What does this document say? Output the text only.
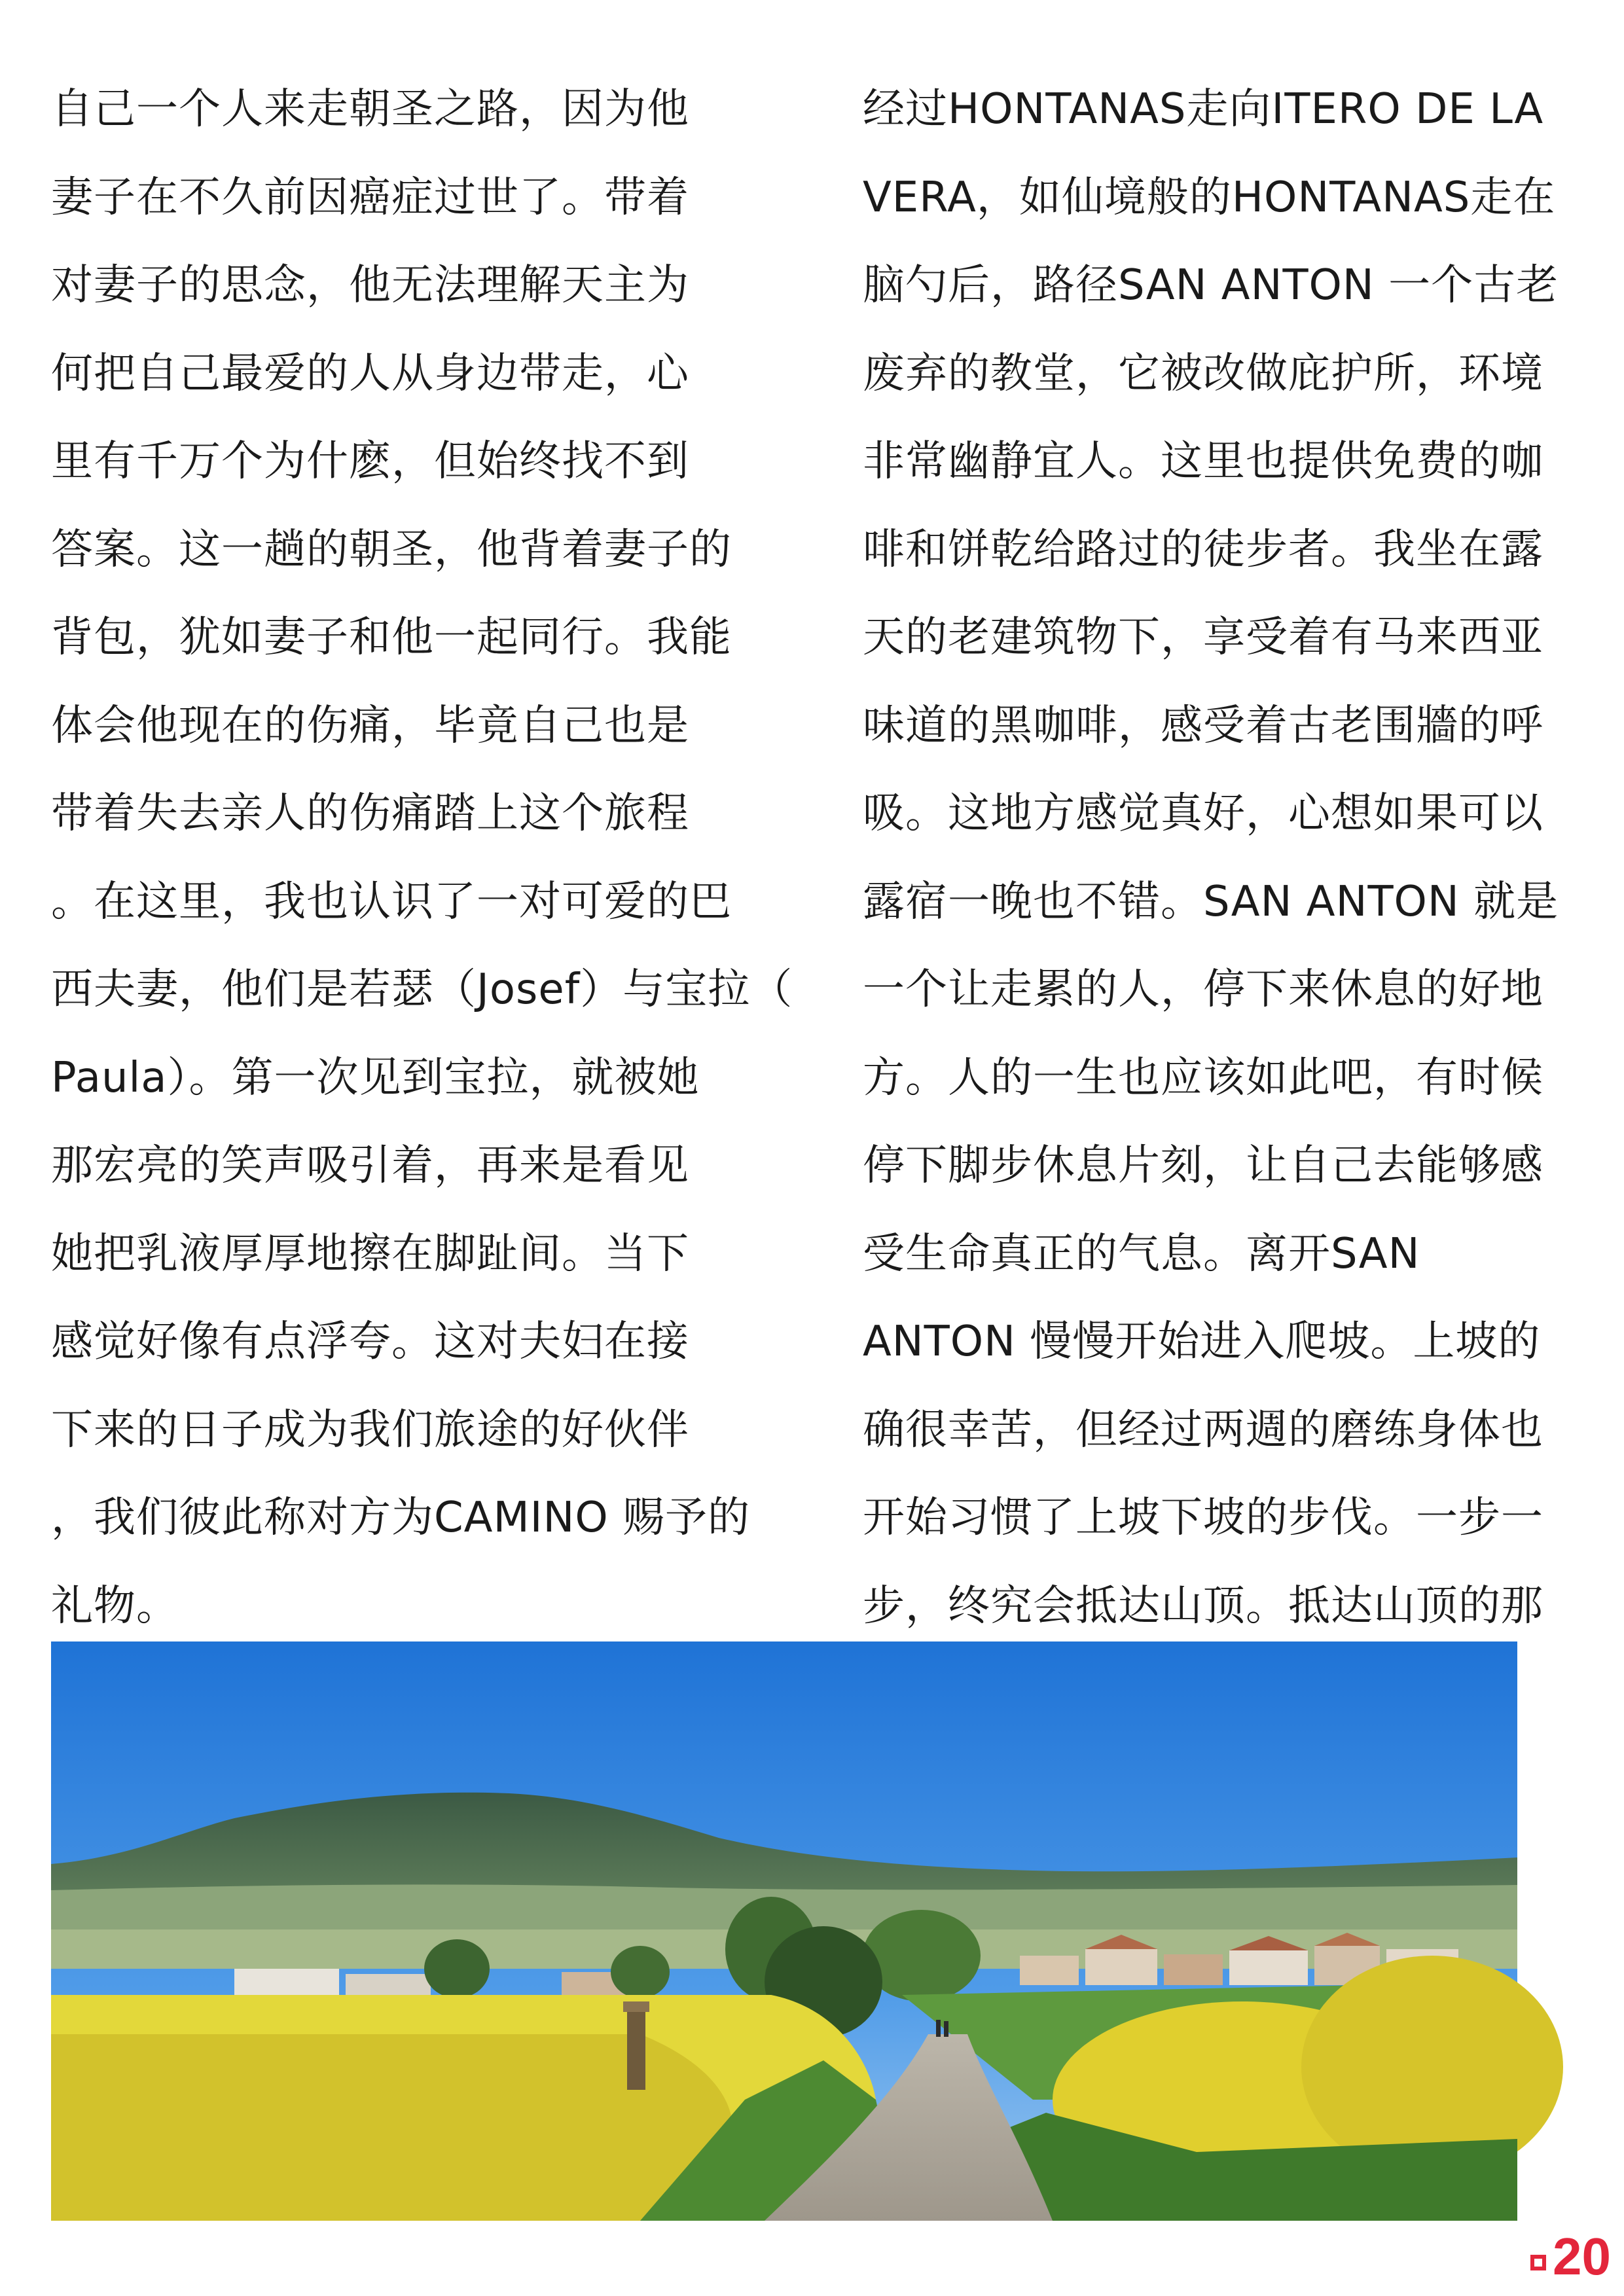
自己一个人来走朝圣之路，因为他
妻子在不久前因癌症过世了。带着
对妻子的思念，他无法理解天主为
何把自己最爱的人从身边带走，心
里有千万个为什麽，但始终找不到
答案。这一趟的朝圣，他背着妻子的
背包，犹如妻子和他一起同行。我能
体会他现在的伤痛，毕竟自己也是
带着失去亲人的伤痛踏上这个旅程
。在这里，我也认识了一对可爱的巴
西夫妻，他们是若瑟（Josef）与宝拉（
Paula）。第一次见到宝拉，就被她
那宏亮的笑声吸引着，再来是看见
她把乳液厚厚地擦在脚趾间。当下
感觉好像有点浮夸。这对夫妇在接
下来的日子成为我们旅途的好伙伴
，我们彼此称对方为CAMINO 赐予的
礼物。
经过HONTANAS走向ITERO DE LA
VERA，如仙境般的HONTANAS走在
脑勺后，路径SAN ANTON 一个古老
废弃的教堂，它被改做庇护所，环境
非常幽静宜人。这里也提供免费的咖
啡和饼乾给路过的徒步者。我坐在露
天的老建筑物下，享受着有马来西亚
味道的黑咖啡，感受着古老围牆的呼
吸。这地方感觉真好，心想如果可以
露宿一晚也不错。SAN ANTON 就是
一个让走累的人，停下来休息的好地
方。人的一生也应该如此吧，有时候
停下脚步休息片刻，让自己去能够感
受生命真正的气息。离开SAN
ANTON 慢慢开始进入爬坡。上坡的
确很幸苦，但经过两週的磨练身体也
开始习惯了上坡下坡的步伐。一步一
步，终究会抵达山顶。抵达山顶的那
20
